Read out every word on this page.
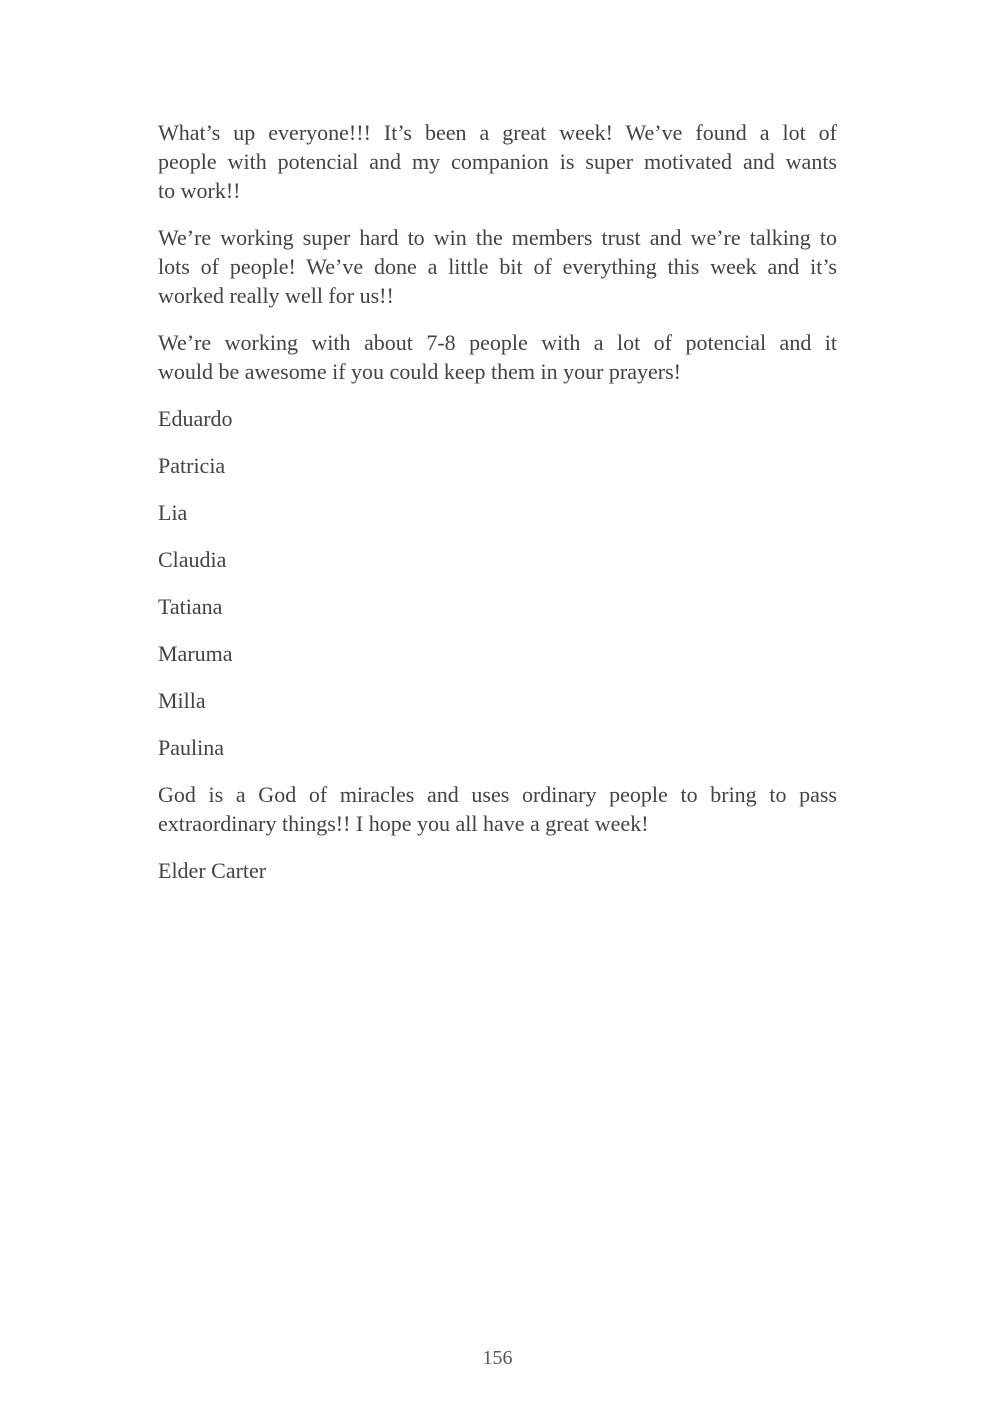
What’s up everyone!!! It’s been a great week! We’ve found a lot of
people with potencial and my companion is super motivated and wants
to work!!
We’re working super hard to win the members trust and we’re talking to
lots of people! We’ve done a little bit of everything this week and it’s
worked really well for us!!
We’re working with about 7-8 people with a lot of potencial and it
would be awesome if you could keep them in your prayers!
Eduardo
Patricia
Lia
Claudia
Tatiana
Maruma
Milla
Paulina
God is a God of miracles and uses ordinary people to bring to pass
extraordinary things!! I hope you all have a great week!
Elder Carter
156
